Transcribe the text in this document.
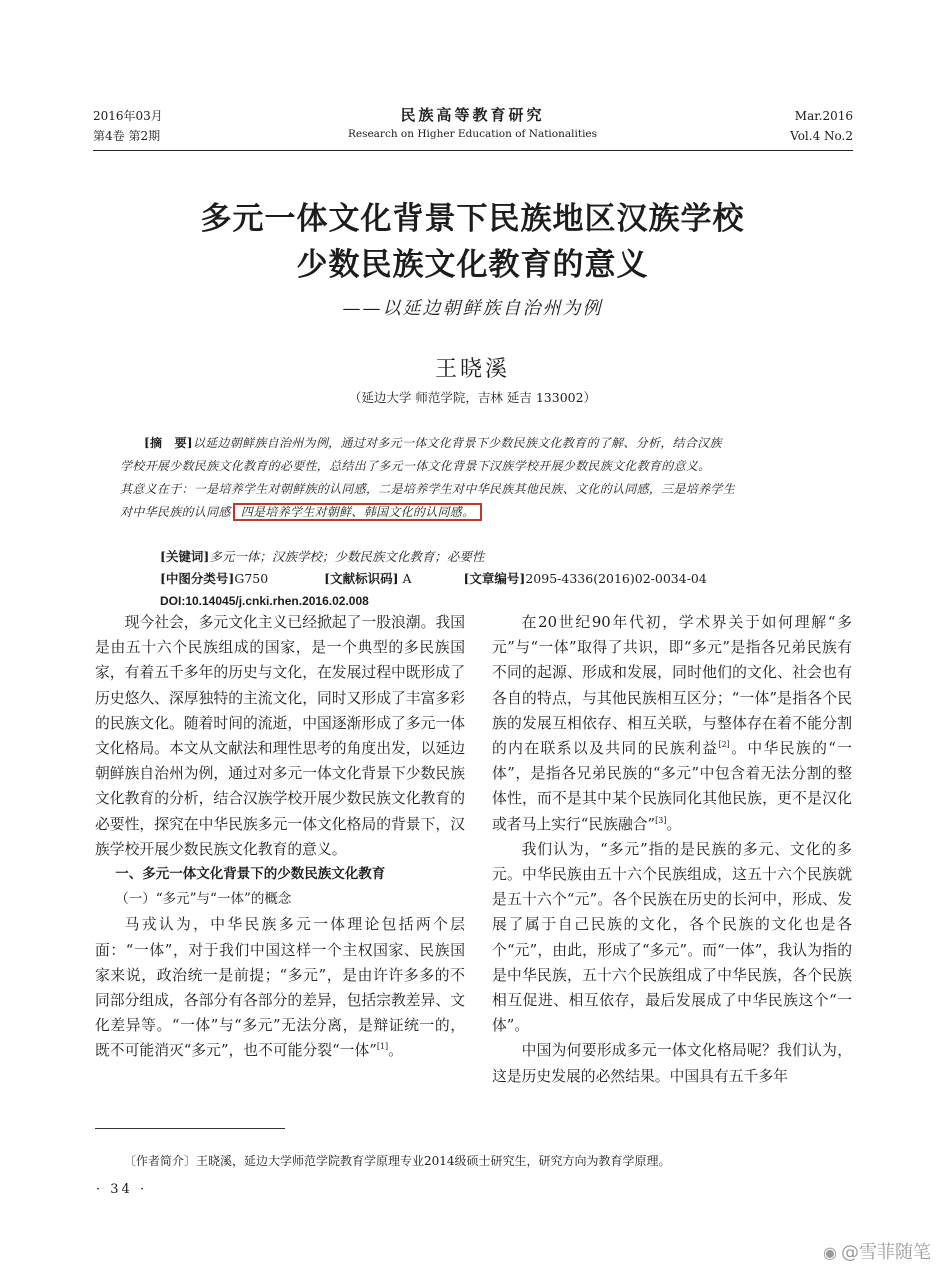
2016年03月
第4卷 第2期
民族高等教育研究
Research on Higher Education of Nationalities
Mar.2016
Vol.4 No.2
多元一体文化背景下民族地区汉族学校
少数民族文化教育的意义
——以延边朝鲜族自治州为例
王晓溪
（延边大学 师范学院，吉林 延吉 133002）

[摘　要]以延边朝鲜族自治州为例，通过对多元一体文化背景下少数民族文化教育的了解、分析，结合汉族

学校开展少数民族文化教育的必要性，总结出了多元一体文化背景下汉族学校开展少数民族文化教育的意义。

其意义在于：一是培养学生对朝鲜族的认同感，二是培养学生对中华民族其他民族、文化的认同感，三是培养学生

对中华民族的认同感 四是培养学生对朝鲜、韩国文化的认同感。

[关键词]多元一体；汉族学校；少数民族文化教育；必要性
[中图分类号]G750	[文献标识码] A	[文章编号]2095-4336(2016)02-0034-04
DOI:10.14045/j.cnki.rhen.2016.02.008

现今社会，多元文化主义已经掀起了一股浪潮。我国是由五十六个民族组成的国家，是一个典型的多民族国家，有着五千多年的历史与文化，在发展过程中既形成了历史悠久、深厚独特的主流文化，同时又形成了丰富多彩的民族文化。随着时间的流逝，中国逐渐形成了多元一体文化格局。本文从文献法和理性思考的角度出发，以延边朝鲜族自治州为例，通过对多元一体文化背景下少数民族文化教育的分析，结合汉族学校开展少数民族文化教育的必要性，探究在中华民族多元一体文化格局的背景下，汉族学校开展少数民族文化教育的意义。

一、多元一体文化背景下的少数民族文化教育

（一）“多元”与“一体”的概念

马戎认为，中华民族多元一体理论包括两个层面：“一体”，对于我们中国这样一个主权国家、民族国家来说，政治统一是前提；“多元”，是由许许多多的不同部分组成，各部分有各部分的差异，包括宗教差异、文化差异等。“一体”与“多元”无法分离，是辩证统一的，既不可能消灭“多元”，也不可能分裂“一体”[1]。

在20世纪90年代初，学术界关于如何理解“多元”与“一体”取得了共识，即“多元”是指各兄弟民族有不同的起源、形成和发展，同时他们的文化、社会也有各自的特点，与其他民族相互区分；“一体”是指各个民族的发展互相依存、相互关联，与整体存在着不能分割的内在联系以及共同的民族利益[2]。中华民族的“一体”，是指各兄弟民族的“多元”中包含着无法分割的整体性，而不是其中某个民族同化其他民族，更不是汉化或者马上实行“民族融合”[3]。

我们认为，“多元”指的是民族的多元、文化的多元。中华民族由五十六个民族组成，这五十六个民族就是五十六个“元”。各个民族在历史的长河中，形成、发展了属于自己民族的文化，各个民族的文化也是各个“元”，由此，形成了“多元”。而“一体”，我认为指的是中华民族，五十六个民族组成了中华民族，各个民族相互促进、相互依存，最后发展成了中华民族这个“一体”。

中国为何要形成多元一体文化格局呢？我们认为，这是历史发展的必然结果。中国具有五千多年

〔作者简介〕王晓溪，延边大学师范学院教育学原理专业2014级硕士研究生，研究方向为教育学原理。
· 34 ·
◉ @雪菲随笔
